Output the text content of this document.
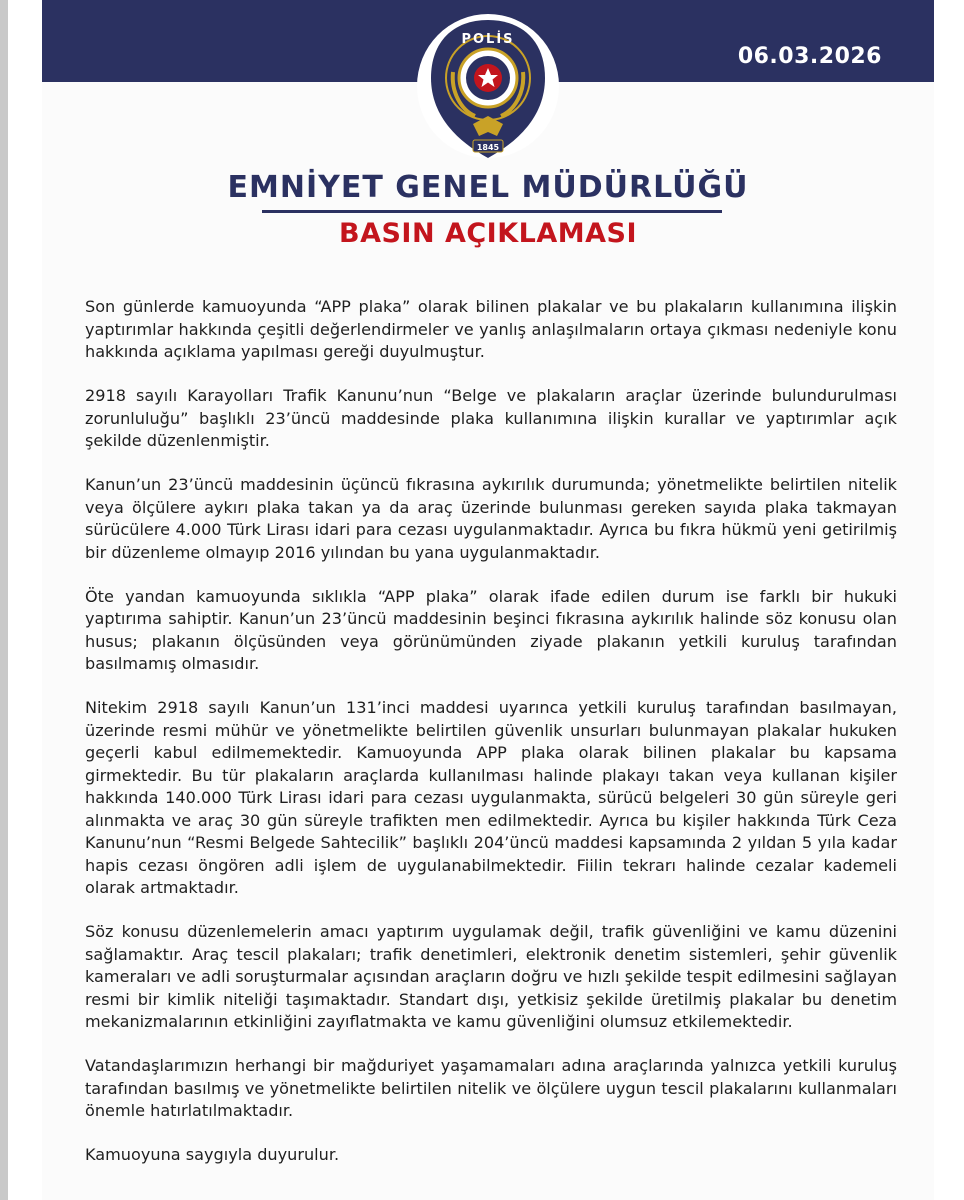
06.03.2026
POLİS
1845
EMNİYET GENEL MÜDÜRLÜĞÜ
BASIN AÇIKLAMASI

Son günlerde kamuoyunda “APP plaka” olarak bilinen plakalar ve bu plakaların kullanımına ilişkin yaptırımlar hakkında çeşitli değerlendirmeler ve yanlış anlaşılmaların ortaya çıkması nedeniyle konu hakkında açıklama yapılması gereği duyulmuştur.

2918 sayılı Karayolları Trafik Kanunu’nun “Belge ve plakaların araçlar üzerinde bulundurulması zorunluluğu” başlıklı 23’üncü maddesinde plaka kullanımına ilişkin kurallar ve yaptırımlar açık şekilde düzenlenmiştir.

Kanun’un 23’üncü maddesinin üçüncü fıkrasına aykırılık durumunda; yönetmelikte belirtilen nitelik veya ölçülere aykırı plaka takan ya da araç üzerinde bulunması gereken sayıda plaka takmayan sürücülere 4.000 Türk Lirası idari para cezası uygulanmaktadır. Ayrıca bu fıkra hükmü yeni getirilmiş bir düzenleme olmayıp 2016 yılından bu yana uygulanmaktadır.

Öte yandan kamuoyunda sıklıkla “APP plaka” olarak ifade edilen durum ise farklı bir hukuki yaptırıma sahiptir. Kanun’un 23’üncü maddesinin beşinci fıkrasına aykırılık halinde söz konusu olan husus; plakanın ölçüsünden veya görünümünden ziyade plakanın yetkili kuruluş tarafından basılmamış olmasıdır.

Nitekim 2918 sayılı Kanun’un 131’inci maddesi uyarınca yetkili kuruluş tarafından basılmayan, üzerinde resmi mühür ve yönetmelikte belirtilen güvenlik unsurları bulunmayan plakalar hukuken geçerli kabul edilmemektedir. Kamuoyunda APP plaka olarak bilinen plakalar bu kapsama girmektedir. Bu tür plakaların araçlarda kullanılması halinde plakayı takan veya kullanan kişiler hakkında 140.000 Türk Lirası idari para cezası uygulanmakta, sürücü belgeleri 30 gün süreyle geri alınmakta ve araç 30 gün süreyle trafikten men edilmektedir. Ayrıca bu kişiler hakkında Türk Ceza Kanunu’nun “Resmi Belgede Sahtecilik” başlıklı 204’üncü maddesi kapsamında 2 yıldan 5 yıla kadar hapis cezası öngören adli işlem de uygulanabilmektedir. Fiilin tekrarı halinde cezalar kademeli olarak artmaktadır.

Söz konusu düzenlemelerin amacı yaptırım uygulamak değil, trafik güvenliğini ve kamu düzenini sağlamaktır. Araç tescil plakaları; trafik denetimleri, elektronik denetim sistemleri, şehir güvenlik kameraları ve adli soruşturmalar açısından araçların doğru ve hızlı şekilde tespit edilmesini sağlayan resmi bir kimlik niteliği taşımaktadır. Standart dışı, yetkisiz şekilde üretilmiş plakalar bu denetim mekanizmalarının etkinliğini zayıflatmakta ve kamu güvenliğini olumsuz etkilemektedir.

Vatandaşlarımızın herhangi bir mağduriyet yaşamamaları adına araçlarında yalnızca yetkili kuruluş tarafından basılmış ve yönetmelikte belirtilen nitelik ve ölçülere uygun tescil plakalarını kullanmaları önemle hatırlatılmaktadır.

Kamuoyuna saygıyla duyurulur.
